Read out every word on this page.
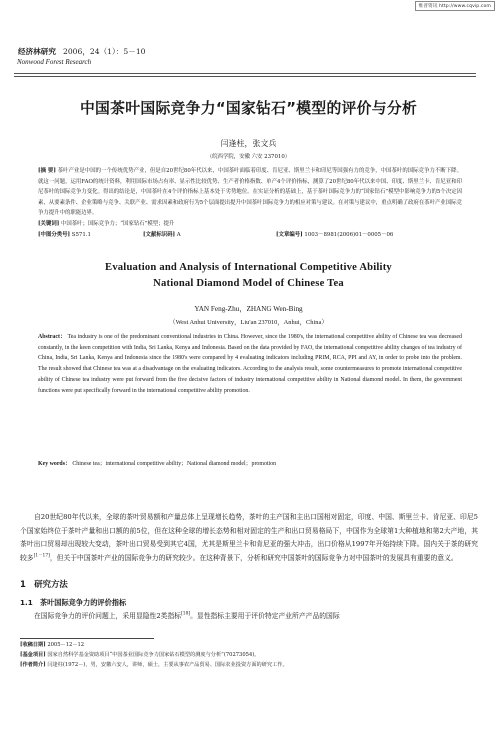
维普资讯 http://www.cqvip.com
经济林研究 2006，24（1）：5－10
Nonwood Forest Research
中国茶叶国际竞争力“国家钻石”模型的评价与分析
闫逢柱，张文兵
（皖西学院，安徽 六安 237010）
[摘 要] 茶叶产业是中国的一个传统优势产业，但是自20世纪80年代以来，中国茶叶面临着印度、肯尼亚、斯里兰卡和印尼等国强有力的竞争，中国茶叶的国际竞争力不断下降。就这一问题，运用FAO的统计资料，利用国际市场占有率、显示性比较优势、生产者价格指数、单产4个评价指标，测算了20世纪80年代以来中国、印度、斯里兰卡、肯尼亚和印尼茶叶的国际竞争力变化。得出的结论是，中国茶叶在4个评价指标上基本处于劣势地位。在实证分析的基础上，基于茶叶国际竞争力的“国家钻石”模型中影响竞争力的5个决定因素，从要素条件、企业策略与竞争、关联产业、需求因素和政府行为5个层面提出提升中国茶叶国际竞争力的相应对策与建议。在对策与建议中，重点明确了政府在茶叶产业国际竞争力提升中的职能边界。
[关键词] 中国茶叶；国际竞争力；“国家钻石”模型；提升
[中图分类号] S571.1	[文献标识码] A	[文章编号] 1003－8981(2006)01－0005－06
Evaluation and Analysis of International Competitive Ability
National Diamond Model of Chinese Tea
YAN Feng-Zhu，ZHANG Wen-Bing
（West Anhui University，Liu'an 237010，Anhui，China）
Abstract： Tea industry is one of the predominant conventional industries in China. However, since the 1980's, the international competitive ability of Chinese tea was decreased constantly, in the keen competition with India, Sri Lanka, Kenya and Indonesia. Based on the data provided by FAO, the international competitive ability changes of tea industry of China, India, Sri Lanka, Kenya and Indonesia since the 1980's were compared by 4 evaluating indicators including PRIM, RCA, PPI and AY, in order to probe into the problem. The result showed that Chinese tea was at a disadvantage on the evaluating indicators. According to the analysis result, some countermeasures to promote international competitive ability of Chinese tea industry were put forward from the five decisive factors of industry international competitive ability in National diamond model. In them, the government functions were put specifically forward in the international competitive ability promotion.
Key words： Chinese tea；international competitive ability；National diamond model；promotion
自20世纪80年代以来，全球的茶叶贸易额和产量总体上呈现增长趋势，茶叶的主产国和主出口国相对固定，印度、中国、斯里兰卡、肯尼亚、印尼5个国家始终位于茶叶产量和出口额的前5位，但在这种全球的增长态势和相对固定的生产和出口贸易格局下，中国作为全球第1大种植地和第2大产地，其茶叶出口贸易却出现较大变动，茶叶出口贸易受到其它4国，尤其是斯里兰卡和肯尼亚的强大冲击，出口价格从1997年开始持续下降。国内关于茶的研究较多[1－17]，但关于中国茶叶产业的国际竞争力的研究较少。在这种背景下，分析和研究中国茶叶的国际竞争力对中国茶叶的发展具有重要的意义。
1　研究方法
1.1　茶叶国际竞争力的评价指标
在国际竞争力的评价问题上，采用显隐性2类指标[18]。显性指标主要用于评价特定产业所产产品的国际
[收稿日期] 2005－12－12
[基金项目] 国家自然科学基金资助项目“中国茶业国际竞争力国家钻石模型的测度与分析”(70273054)。
[作者简介] 闫逢柱(1972－)，男，安徽六安人，讲师，硕士，主要从事农产品贸易、国际农业投资方面的研究工作。
